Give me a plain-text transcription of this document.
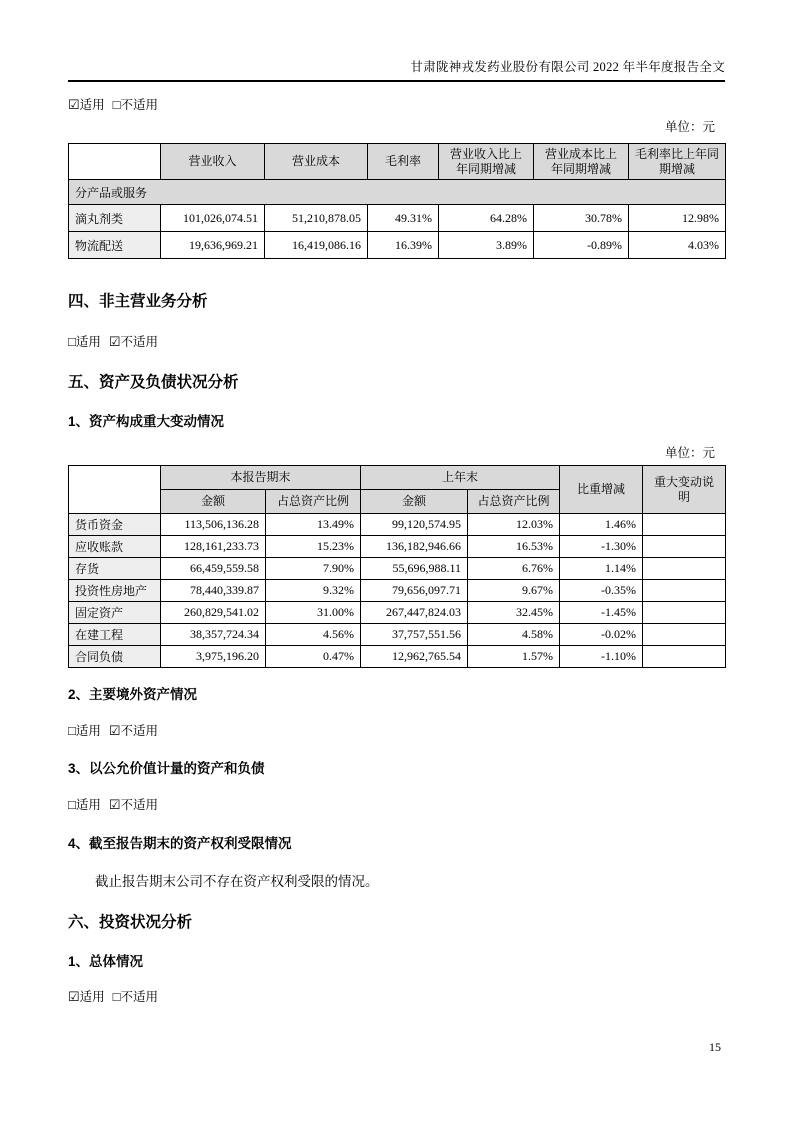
甘肃陇神戎发药业股份有限公司 2022 年半年度报告全文
☑适用 □不适用
单位：元
	营业收入	营业成本	毛利率	营业收入比上年同期增减	营业成本比上年同期增减	毛利率比上年同期增减
分产品或服务						
滴丸剂类	101,026,074.51	51,210,878.05	49.31%	64.28%	30.78%	12.98%
物流配送	19,636,969.21	16,419,086.16	16.39%	3.89%	-0.89%	4.03%
四、非主营业务分析
□适用 ☑不适用
五、资产及负债状况分析
1、资产构成重大变动情况
单位：元
	本报告期末		上年末		比重增减	重大变动说明
	金额	占总资产比例	金额	占总资产比例		
货币资金	113,506,136.28	13.49%	99,120,574.95	12.03%	1.46%	
应收账款	128,161,233.73	15.23%	136,182,946.66	16.53%	-1.30%	
存货	66,459,559.58	7.90%	55,696,988.11	6.76%	1.14%	
投资性房地产	78,440,339.87	9.32%	79,656,097.71	9.67%	-0.35%	
固定资产	260,829,541.02	31.00%	267,447,824.03	32.45%	-1.45%	
在建工程	38,357,724.34	4.56%	37,757,551.56	4.58%	-0.02%	
合同负债	3,975,196.20	0.47%	12,962,765.54	1.57%	-1.10%	
2、主要境外资产情况
□适用 ☑不适用
3、以公允价值计量的资产和负债
□适用 ☑不适用
4、截至报告期末的资产权利受限情况
截止报告期末公司不存在资产权利受限的情况。
六、投资状况分析
1、总体情况
☑适用 □不适用
15
